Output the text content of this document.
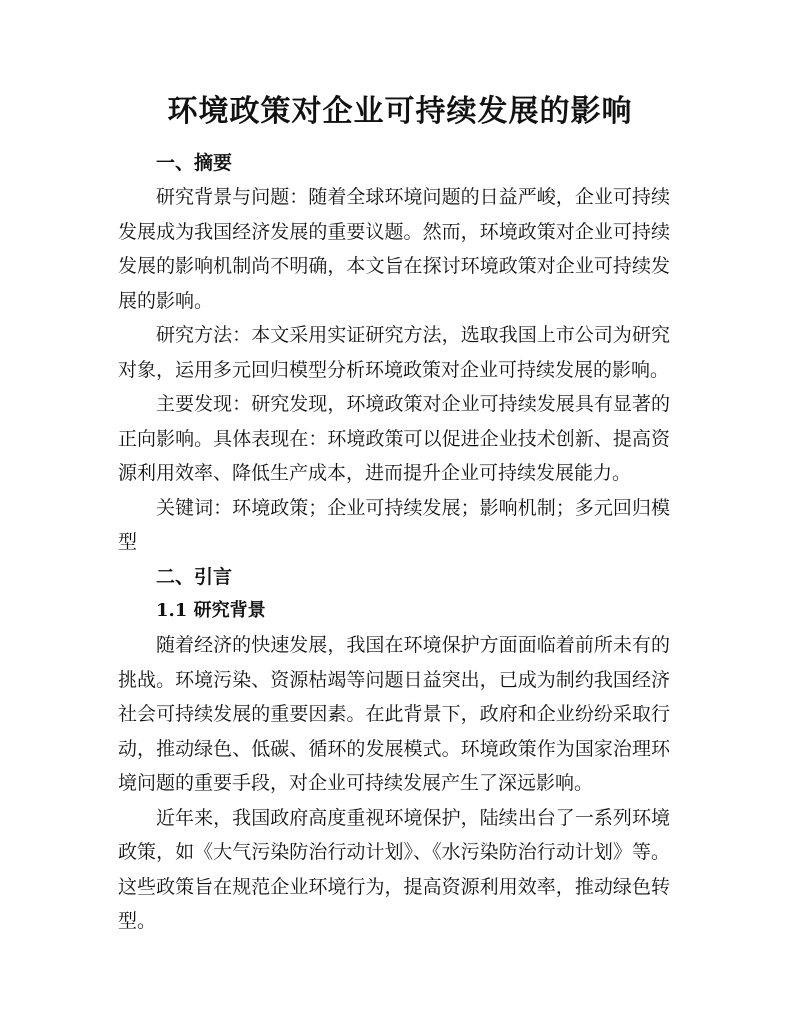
环境政策对企业可持续发展的影响
一、摘要

研究背景与问题：随着全球环境问题的日益严峻，企业可持续发展成为我国经济发展的重要议题。然而，环境政策对企业可持续发展的影响机制尚不明确，本文旨在探讨环境政策对企业可持续发展的影响。

研究方法：本文采用实证研究方法，选取我国上市公司为研究对象，运用多元回归模型分析环境政策对企业可持续发展的影响。

主要发现：研究发现，环境政策对企业可持续发展具有显著的正向影响。具体表现在：环境政策可以促进企业技术创新、提高资源利用效率、降低生产成本，进而提升企业可持续发展能力。

关键词：环境政策；企业可持续发展；影响机制；多元回归模型

二、引言
1.1 研究背景

随着经济的快速发展，我国在环境保护方面面临着前所未有的挑战。环境污染、资源枯竭等问题日益突出，已成为制约我国经济社会可持续发展的重要因素。在此背景下，政府和企业纷纷采取行动，推动绿色、低碳、循环的发展模式。环境政策作为国家治理环境问题的重要手段，对企业可持续发展产生了深远影响。

近年来，我国政府高度重视环境保护，陆续出台了一系列环境政策，如《大气污染防治行动计划》、《水污染防治行动计划》等。这些政策旨在规范企业环境行为，提高资源利用效率，推动绿色转型。
